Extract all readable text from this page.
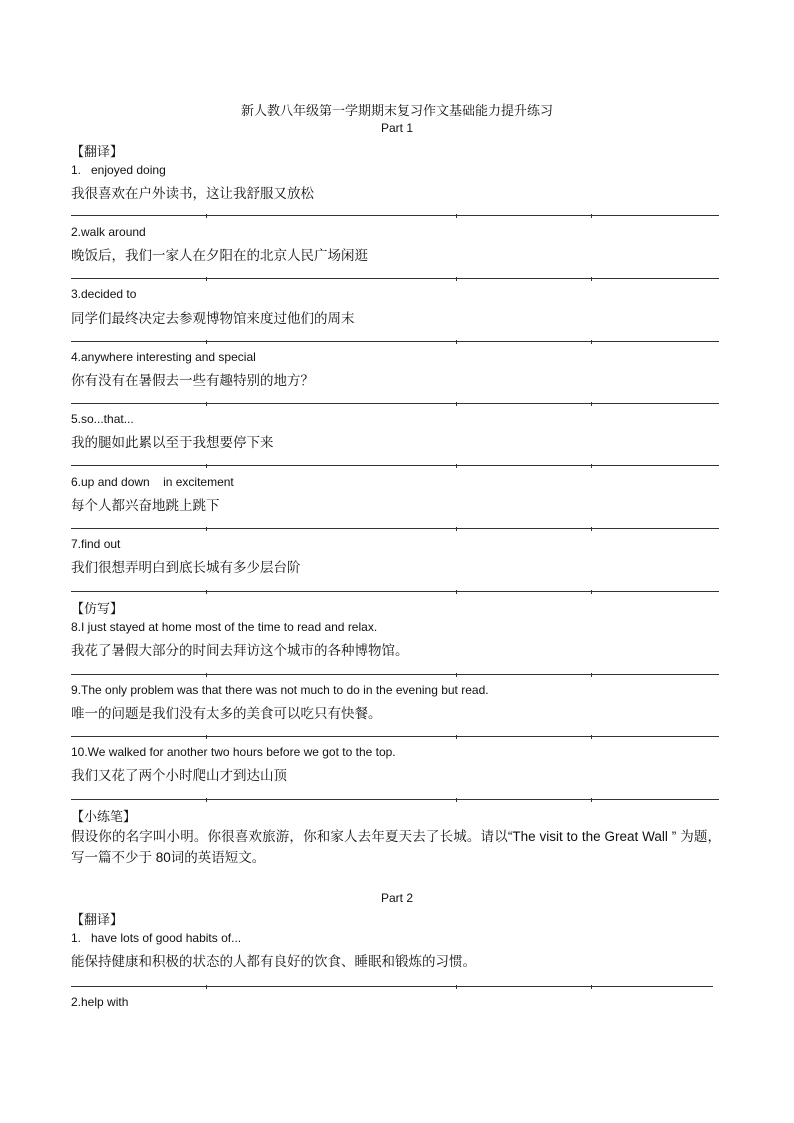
新人教八年级第一学期期末复习作文基础能力提升练习
Part 1
【翻译】
1.   enjoyed doing
我很喜欢在户外读书，这让我舒服又放松
2.walk around
晚饭后，我们一家人在夕阳在的北京人民广场闲逛
3.decided to
同学们最终决定去参观博物馆来度过他们的周末
4.anywhere interesting and special
你有没有在暑假去一些有趣特别的地方？
5.so...that...
我的腿如此累以至于我想要停下来
6.up and down    in excitement
每个人都兴奋地跳上跳下
7.find out
我们很想弄明白到底长城有多少层台阶
【仿写】
8.I just stayed at home most of the time to read and relax.
我花了暑假大部分的时间去拜访这个城市的各种博物馆。
9.The only problem was that there was not much to do in the evening but read.
唯一的问题是我们没有太多的美食可以吃只有快餐。
10.We walked for another two hours before we got to the top.
我们又花了两个小时爬山才到达山顶
【小练笔】
假设你的名字叫小明。你很喜欢旅游，你和家人去年夏天去了长城。请以“The visit to the Great Wall ” 为题，写一篇不少于 80词的英语短文。
Part 2
【翻译】
1.   have lots of good habits of...
能保持健康和积极的状态的人都有良好的饮食、睡眠和锻炼的习惯。
2.help with
